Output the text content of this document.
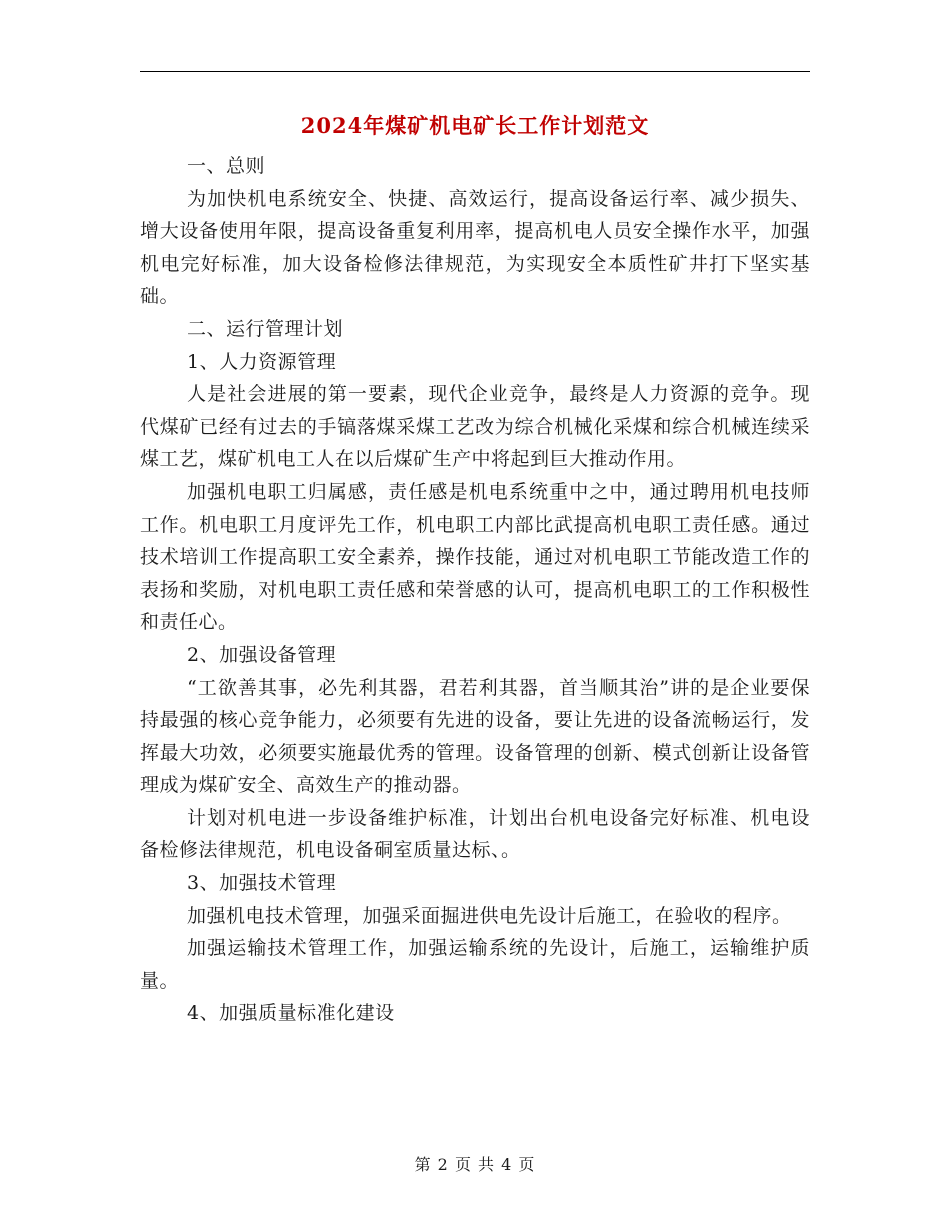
2024年煤矿机电矿长工作计划范文

一、总则

为加快机电系统安全、快捷、高效运行，提高设备运行率、减少损失、增大设备使用年限，提高设备重复利用率，提高机电人员安全操作水平，加强机电完好标准，加大设备检修法律规范，为实现安全本质性矿井打下坚实基础。

二、运行管理计划

1、人力资源管理

人是社会进展的第一要素，现代企业竞争，最终是人力资源的竞争。现代煤矿已经有过去的手镐落煤采煤工艺改为综合机械化采煤和综合机械连续采煤工艺，煤矿机电工人在以后煤矿生产中将起到巨大推动作用。

加强机电职工归属感，责任感是机电系统重中之中，通过聘用机电技师工作。机电职工月度评先工作，机电职工内部比武提高机电职工责任感。通过技术培训工作提高职工安全素养，操作技能，通过对机电职工节能改造工作的表扬和奖励，对机电职工责任感和荣誉感的认可，提高机电职工的工作积极性和责任心。

2、加强设备管理

“工欲善其事，必先利其器，君若利其器，首当顺其治”讲的是企业要保持最强的核心竞争能力，必须要有先进的设备，要让先进的设备流畅运行，发挥最大功效，必须要实施最优秀的管理。设备管理的创新、模式创新让设备管理成为煤矿安全、高效生产的推动器。

计划对机电进一步设备维护标准，计划出台机电设备完好标准、机电设备检修法律规范，机电设备硐室质量达标、。

3、加强技术管理

加强机电技术管理，加强采面掘进供电先设计后施工，在验收的程序。

加强运输技术管理工作，加强运输系统的先设计，后施工，运输维护质量。

4、加强质量标准化建设

第 2 页 共 4 页
